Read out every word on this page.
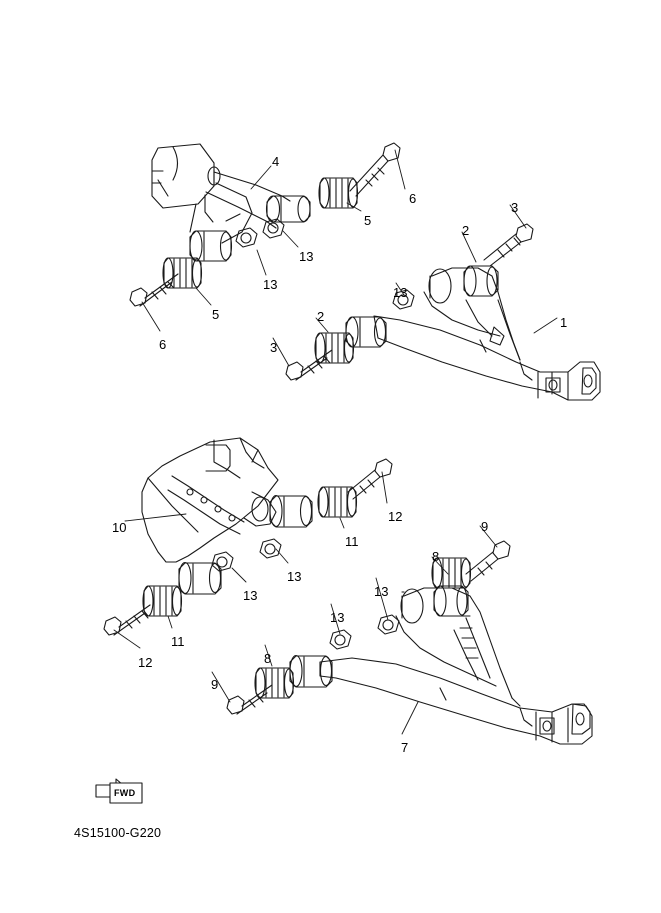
FWD
4S15100-G220
4
6
5
3
2
13
13
13
1
5
6
2
3
12
10
11
9
8
13
13	13
13
11
12	8
9
7
